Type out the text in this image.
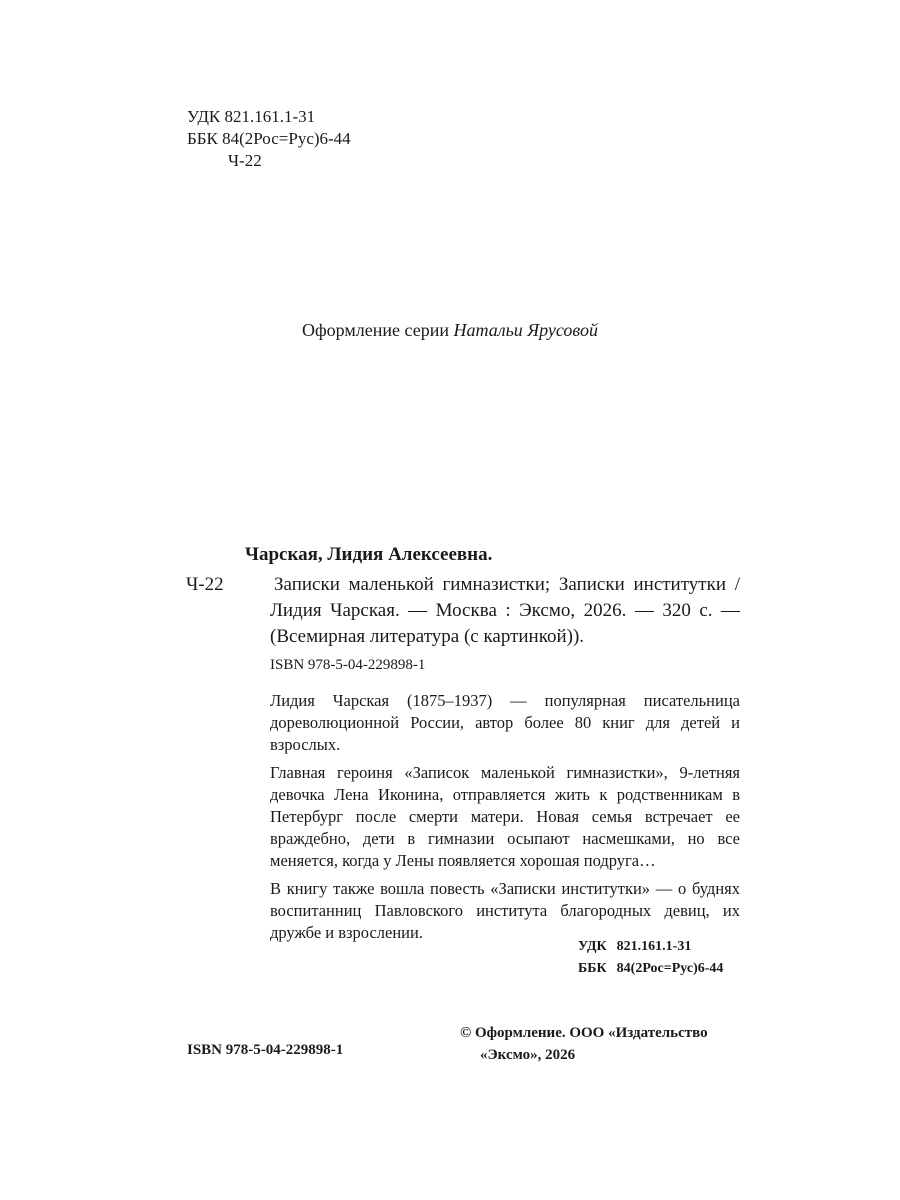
УДК 821.161.1-31
ББК 84(2Рос=Рус)6-44
Ч-22
Оформление серии Натальи Ярусовой
Чарская, Лидия Алексеевна.
Ч-22	Записки маленькой гимназистки; Записки институтки / Лидия Чарская. — Москва : Эксмо, 2026. — 320 с. — (Всемирная литература (с картинкой)).
ISBN 978-5-04-229898-1

Лидия Чарская (1875–1937) — популярная писательница дореволюционной России, автор более 80 книг для детей и взрослых.

Главная героиня «Записок маленькой гимназистки», 9-летняя девочка Лена Иконина, отправляется жить к родственникам в Петербург после смерти матери. Новая семья встречает ее враждебно, дети в гимназии осыпают насмешками, но все меняется, когда у Лены появляется хорошая подруга…

В книгу также вошла повесть «Записки институтки» — о буднях воспитанниц Павловского института благородных девиц, их дружбе и взрослении.

УДК 821.161.1-31
ББК 84(2Рос=Рус)6-44
© Оформление. ООО «Издательство
«Эксмо», 2026
ISBN 978-5-04-229898-1
